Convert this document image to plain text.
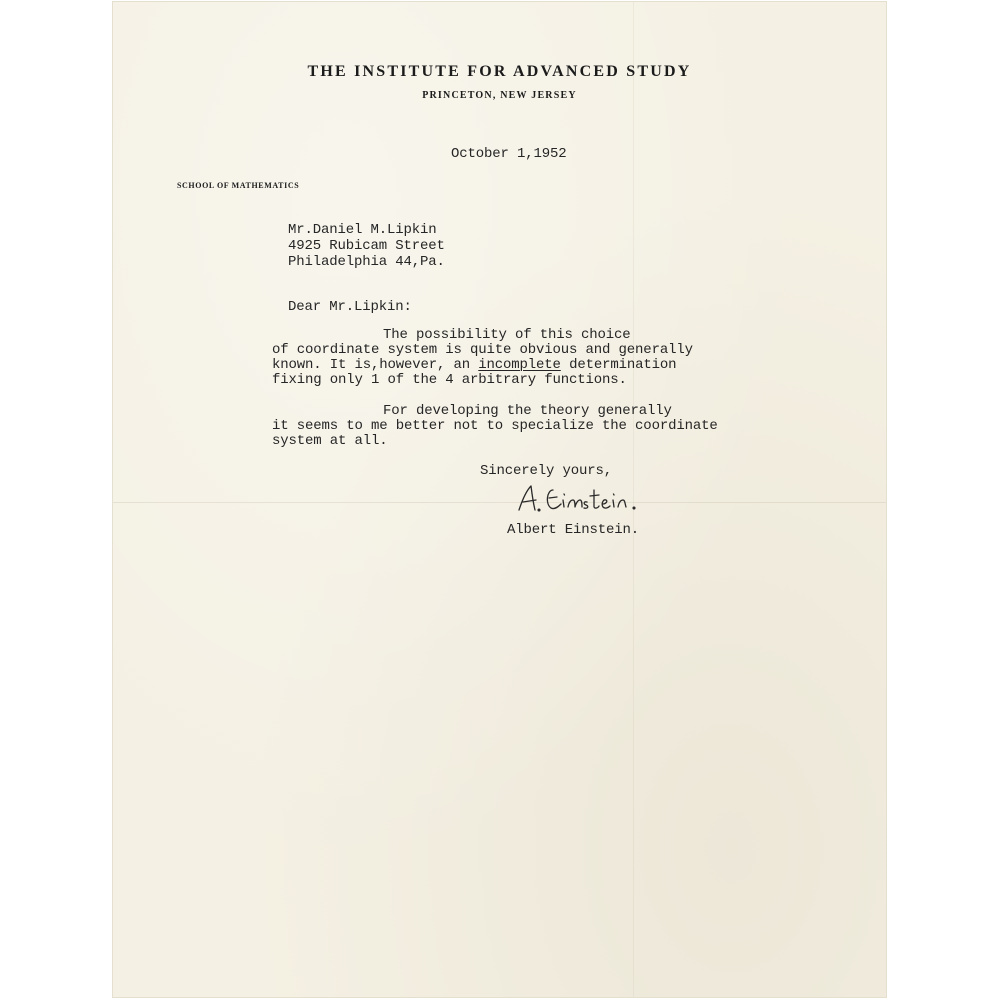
THE INSTITUTE FOR ADVANCED STUDY
PRINCETON, NEW JERSEY
October 1,1952
SCHOOL OF MATHEMATICS
Mr.Daniel M.Lipkin
4925 Rubicam Street
Philadelphia 44,Pa.
Dear Mr.Lipkin:
The possibility of this choice
of coordinate system is quite obvious and generally
known. It is,however, an incomplete determination
fixing only 1 of the 4 arbitrary functions.
For developing the theory generally
it seems to me better not to specialize the coordinate
system at all.
Sincerely yours,
Albert Einstein.
